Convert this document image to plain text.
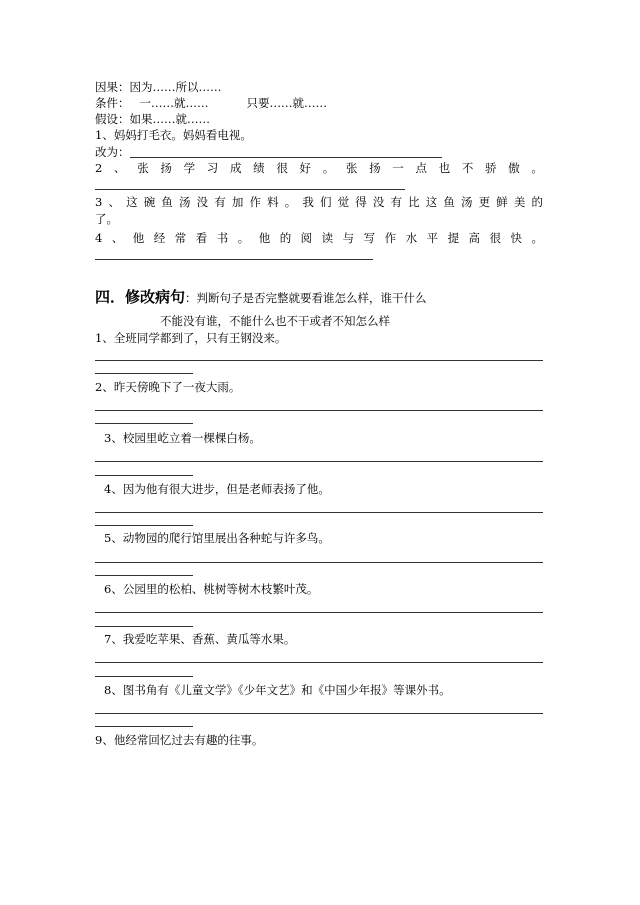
因果：因为……所以……
条件： 一……就……	只要……就……
假设：如果……就……
1、妈妈打毛衣。妈妈看电视。
改为：
2 、 张 扬 学 习 成 绩 很 好 。 张 扬 一 点 也 不 骄 傲 。
3 、 这 碗 鱼 汤 没 有 加 作 料 。 我 们 觉 得 没 有 比 这 鱼 汤 更 鲜 美 的
了。
4 、 他 经 常 看 书 。 他 的 阅 读 与 写 作 水 平 提 高 很 快 。
四．修改病句：判断句子是否完整就要看谁怎么样，谁干什么
不能没有谁，不能什么也不干或者不知怎么样
1、全班同学都到了，只有王钢没来。
2、昨天傍晚下了一夜大雨。
3、校园里屹立着一棵棵白杨。
4、因为他有很大进步，但是老师表扬了他。
5、动物园的爬行馆里展出各种蛇与许多鸟。
6、公园里的松柏、桃树等树木枝繁叶茂。
7、我爱吃苹果、香蕉、黄瓜等水果。
8、图书角有《儿童文学》《少年文艺》和《中国少年报》等课外书。
9、他经常回忆过去有趣的往事。
